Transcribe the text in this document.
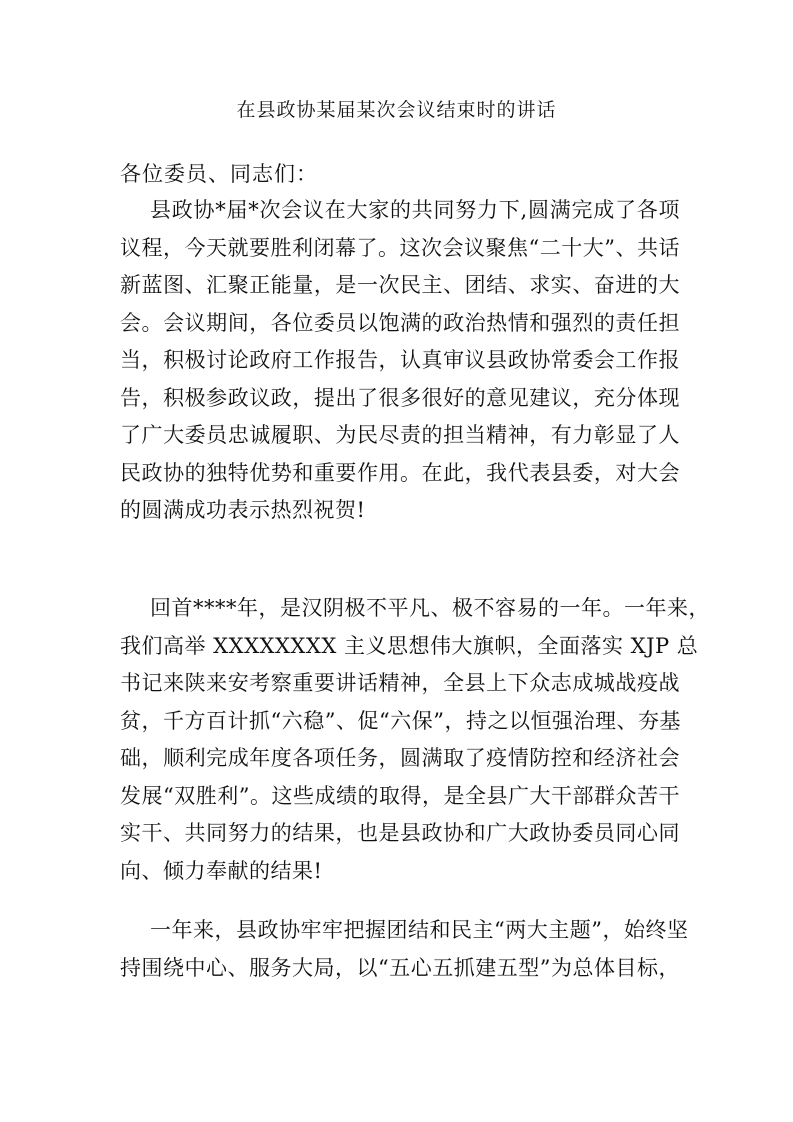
在县政协某届某次会议结束时的讲话
各位委员、同志们：
县政协*届*次会议在大家的共同努力下,圆满完成了各项
议程，今天就要胜利闭幕了。这次会议聚焦“二十大”、共话
新蓝图、汇聚正能量，是一次民主、团结、求实、奋进的大
会。会议期间，各位委员以饱满的政治热情和强烈的责任担
当，积极讨论政府工作报告，认真审议县政协常委会工作报
告，积极参政议政，提出了很多很好的意见建议，充分体现
了广大委员忠诚履职、为民尽责的担当精神，有力彰显了人
民政协的独特优势和重要作用。在此，我代表县委，对大会
的圆满成功表示热烈祝贺!
回首****年，是汉阴极不平凡、极不容易的一年。一年来，
我们高举 XXXXXXXX 主义思想伟大旗帜，全面落实 XJP 总
书记来陕来安考察重要讲话精神，全县上下众志成城战疫战
贫，千方百计抓“六稳”、促“六保”，持之以恒强治理、夯基
础，顺利完成年度各项任务，圆满取了疫情防控和经济社会
发展“双胜利”。这些成绩的取得，是全县广大干部群众苦干
实干、共同努力的结果，也是县政协和广大政协委员同心同
向、倾力奉献的结果!
一年来，县政协牢牢把握团结和民主“两大主题”，始终坚
持围绕中心、服务大局，以“五心五抓建五型”为总体目标，
